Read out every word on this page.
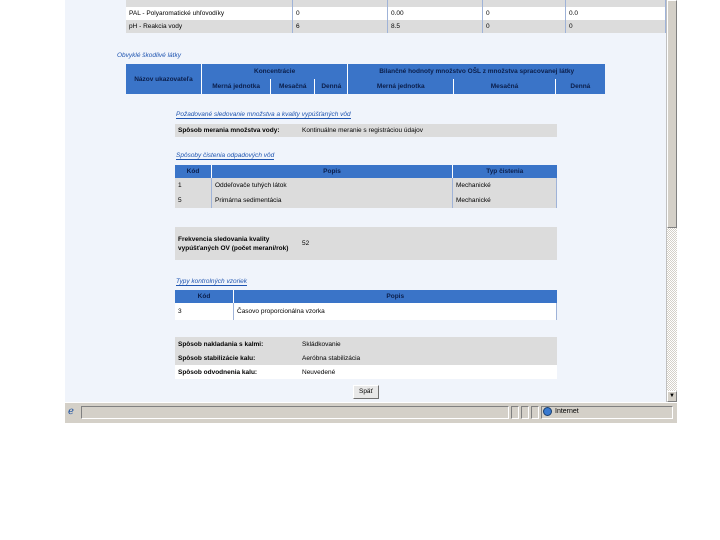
PAL - Polyaromatické uhľovodíky	0	0.00	0	0.0
pH - Reakcia vody	6	8.5	0	0
Obvyklé škodlivé látky
Názov ukazovateľa	Koncentrácie			Bilančné hodnoty množstvo OŠL z množstva spracovanej látky		
	Merná jednotka	Mesačná	Denná	Merná jednotka	Mesačná	Denná
Požadované sledovanie množstva a kvality vypúšťaných vôd
Spôsob merania množstva vody:	Kontinuálne meranie s registráciou údajov
Spôsoby čistenia odpadových vôd
Kód	Popis	Typ čistenia
1	Oddeľovače tuhých látok	Mechanické
5	Primárna sedimentácia	Mechanické
Frekvencia sledovania kvality vypúšťaných OV (počet meraní/rok)	52
Typy kontrolných vzoriek
Kód	Popis
3	Časovo proporcionálna vzorka
Spôsob nakladania s kalmi:	Skládkovanie
Spôsob stabilizácie kalu:	Aeróbna stabilizácia
Spôsob odvodnenia kalu:	Neuvedené
Späť
▼
ℯ	Internet
